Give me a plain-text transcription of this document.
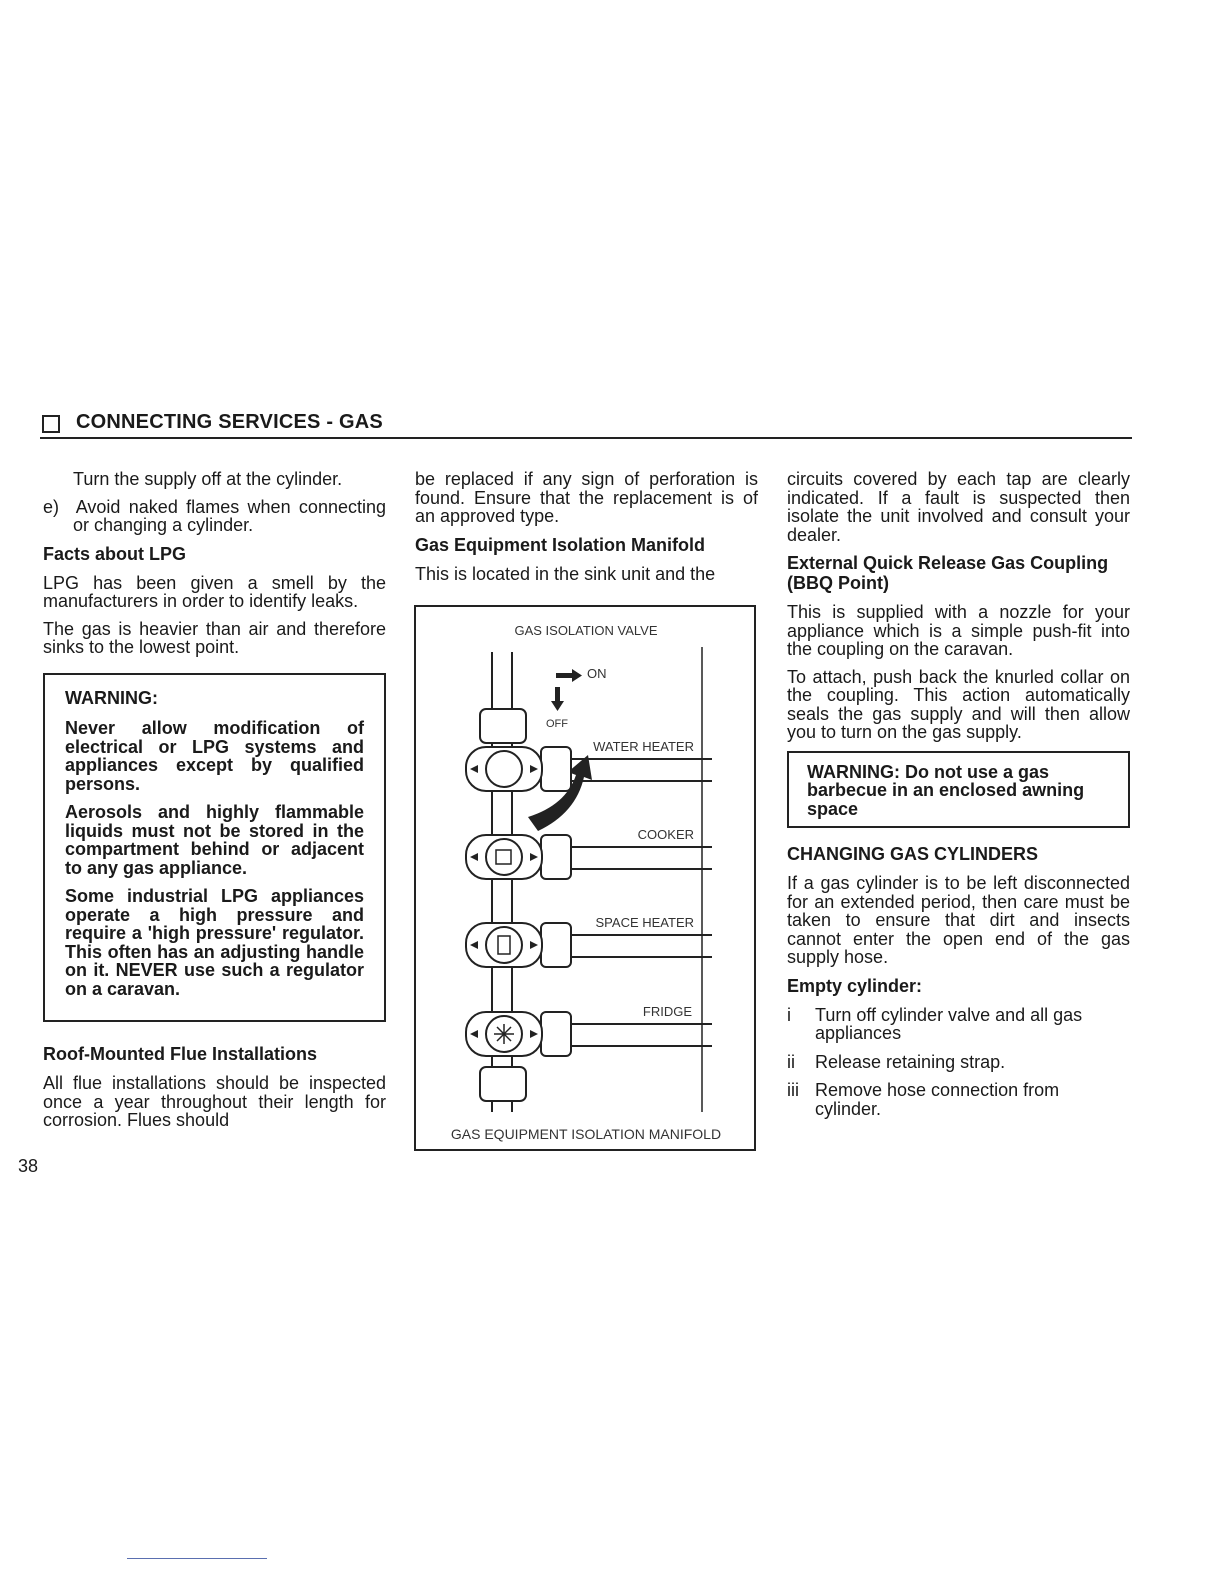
CONNECTING SERVICES - GAS

Turn the supply off at the cylinder.

e) Avoid naked flames when connecting or changing a cylinder.

Facts about LPG

LPG has been given a smell by the manufacturers in order to identify leaks.

The gas is heavier than air and therefore sinks to the lowest point.

WARNING:

Never allow modification of electrical or LPG systems and appliances except by qualified persons.

Aerosols and highly flammable liquids must not be stored in the compartment behind or adjacent to any gas appliance.

Some industrial LPG appliances operate a high pressure and require a 'high pressure' regulator. This often has an adjusting handle on it. NEVER use such a regulator on a caravan.

Roof-Mounted Flue Installations

All flue installations should be inspected once a year throughout their length for corrosion. Flues should

be replaced if any sign of perforation is found. Ensure that the replacement is of an approved type.

Gas Equipment Isolation Manifold

This is located in the sink unit and the

GAS ISOLATION VALVE
ON
OFF
WATER HEATER
COOKER
SPACE HEATER
FRIDGE
GAS EQUIPMENT ISOLATION MANIFOLD

circuits covered by each tap are clearly indicated. If a fault is suspected then isolate the unit involved and consult your dealer.

External Quick Release Gas Coupling (BBQ Point)

This is supplied with a nozzle for your appliance which is a simple push-fit into the coupling on the caravan.

To attach, push back the knurled collar on the coupling. This action automatically seals the gas supply and will then allow you to turn on the gas supply.

WARNING: Do not use a gas barbecue in an enclosed awning space
CHANGING GAS CYLINDERS

If a gas cylinder is to be left disconnected for an extended period, then care must be taken to ensure that dirt and insects cannot enter the open end of the gas supply hose.

Empty cylinder:
i	Turn off cylinder valve and all gas appliances
ii	Release retaining strap.
iii Remove hose connection from cylinder.
38
